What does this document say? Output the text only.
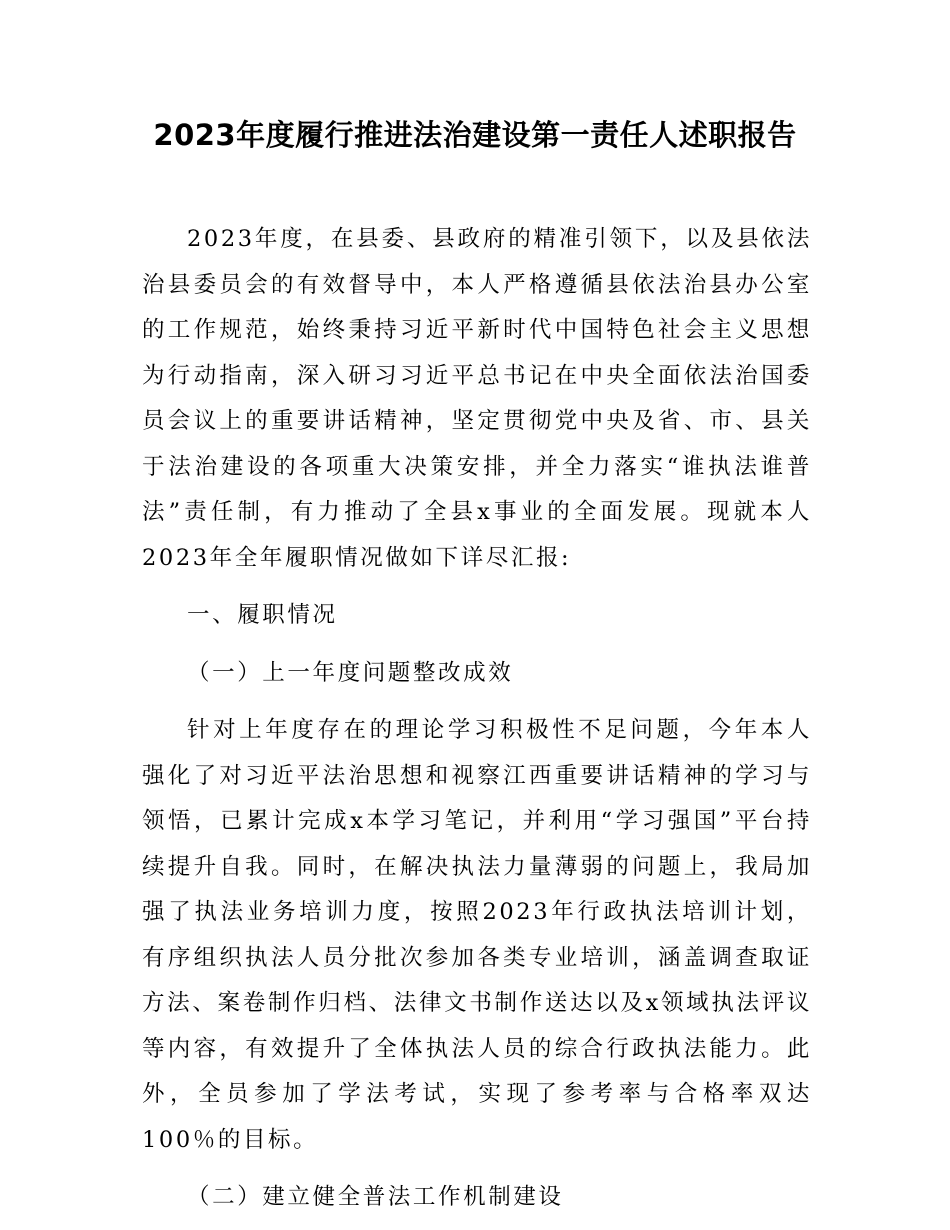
2023年度履行推进法治建设第一责任人述职报告

2023年度，在县委、县政府的精准引领下，以及县依法治县委员会的有效督导中，本人严格遵循县依法治县办公室的工作规范，始终秉持习近平新时代中国特色社会主义思想为行动指南，深入研习习近平总书记在中央全面依法治国委员会议上的重要讲话精神，坚定贯彻党中央及省、市、县关于法治建设的各项重大决策安排，并全力落实“谁执法谁普法”责任制，有力推动了全县x事业的全面发展。现就本人2023年全年履职情况做如下详尽汇报:

一、履职情况

（一）上一年度问题整改成效

针对上年度存在的理论学习积极性不足问题，今年本人强化了对习近平法治思想和视察江西重要讲话精神的学习与领悟，已累计完成x本学习笔记，并利用“学习强国”平台持续提升自我。同时，在解决执法力量薄弱的问题上，我局加强了执法业务培训力度，按照2023年行政执法培训计划，有序组织执法人员分批次参加各类专业培训，涵盖调查取证方法、案卷制作归档、法律文书制作送达以及x领域执法评议等内容，有效提升了全体执法人员的综合行政执法能力。此外，全员参加了学法考试，实现了参考率与合格率双达100％的目标。

（二）建立健全普法工作机制建设
